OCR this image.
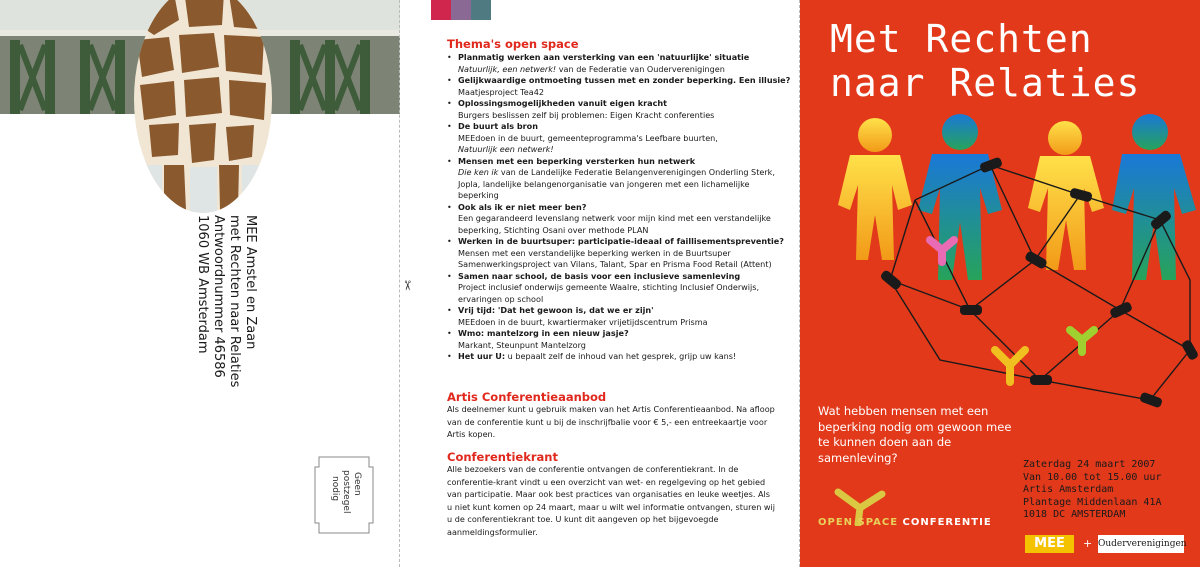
MEE Amstel en Zaan
met Rechten naar Relaties
Antwoordnummer 46586
1060 WB Amsterdam
Geen
postzegel
nodig
✂
Thema's open space
• Planmatig werken aan versterking van een 'natuurlijke' situatie
Natuurlijk, een netwerk! van de Federatie van Ouderverenigingen
• Gelijkwaardige ontmoeting tussen met en zonder beperking. Een illusie?
Maatjesproject Tea42
• Oplossingsmogelijkheden vanuit eigen kracht
Burgers beslissen zelf bij problemen: Eigen Kracht conferenties
• De buurt als bron
MEEdoen in de buurt, gemeenteprogramma's Leefbare buurten,
Natuurlijk een netwerk!
• Mensen met een beperking versterken hun netwerk
Die ken ik van de Landelijke Federatie Belangenverenigingen Onderling Sterk, Jopla, landelijke belangenorganisatie van jongeren met een lichamelijke beperking
• Ook als ik er niet meer ben?
Een gegarandeerd levenslang netwerk voor mijn kind met een verstandelijke beperking, Stichting Osani over methode PLAN
• Werken in de buurtsuper: participatie-ideaal of faillisementspreventie?
Mensen met een verstandelijke beperking werken in de Buurtsuper Samenwerkingsproject van Vilans, Talant, Spar en Prisma Food Retail (Attent)
• Samen naar school, de basis voor een inclusieve samenleving
Project inclusief onderwijs gemeente Waalre, stichting Inclusief Onderwijs, ervaringen op school
• Vrij tijd: 'Dat het gewoon is, dat we er zijn'
MEEdoen in de buurt, kwartiermaker vrijetijdscentrum Prisma
• Wmo: mantelzorg in een nieuw jasje?
Markant, Steunpunt Mantelzorg
• Het uur U: u bepaalt zelf de inhoud van het gesprek, grijp uw kans!
Artis Conferentieaanbod
Als deelnemer kunt u gebruik maken van het Artis Conferentieaanbod. Na afloop van de conferentie kunt u bij de inschrijfbalie voor € 5,- een entreekaartje voor Artis kopen.
Conferentiekrant
Alle bezoekers van de conferentie ontvangen de conferentiekrant. In de conferentie-krant vindt u een overzicht van wet- en regelgeving op het gebied van participatie. Maar ook best practices van organisaties en leuke weetjes. Als u niet kunt komen op 24 maart, maar u wilt wel informatie ontvangen, sturen wij u de conferentiekrant toe. U kunt dit aangeven op het bijgevoegde aanmeldingsformulier.
Met Rechten
naar Relaties
Wat hebben mensen met een beperking nodig om gewoon mee te kunnen doen aan de samenleving?	Zaterdag 24 maart 2007
Van 10.00 tot 15.00 uur
Artis Amsterdam
Plantage Middenlaan 41A
1018 DC AMSTERDAM
OPEN SPACE CONFERENTIE
MEE	+ Ouderverenigingen
